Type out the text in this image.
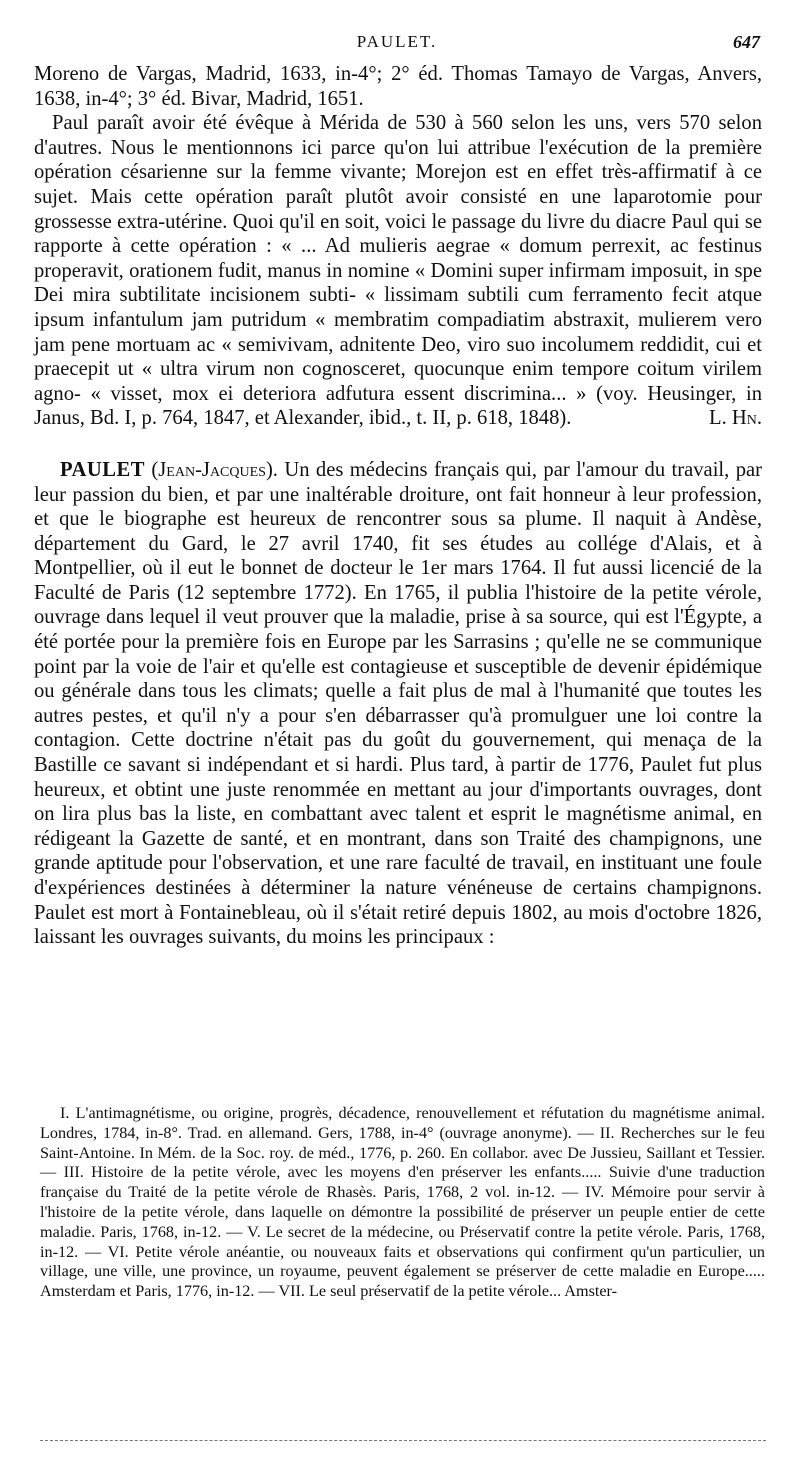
PAULET.	647

Moreno de Vargas, Madrid, 1633, in-4°; 2° éd. Thomas Tamayo de Vargas, Anvers, 1638, in-4°; 3° éd. Bivar, Madrid, 1651.

Paul paraît avoir été évêque à Mérida de 530 à 560 selon les uns, vers 570 selon d'autres. Nous le mentionnons ici parce qu'on lui attribue l'exécution de la première opération césarienne sur la femme vivante; Morejon est en effet très-affirmatif à ce sujet. Mais cette opération paraît plutôt avoir consisté en une laparotomie pour grossesse extra-utérine. Quoi qu'il en soit, voici le passage du livre du diacre Paul qui se rapporte à cette opération : « ... Ad mulieris aegrae « domum perrexit, ac festinus properavit, orationem fudit, manus in nomine « Domini super infirmam imposuit, in spe Dei mira subtilitate incisionem subti- « lissimam subtili cum ferramento fecit atque ipsum infantulum jam putridum « membratim compadiatim abstraxit, mulierem vero jam pene mortuam ac « semivivam, adnitente Deo, viro suo incolumem reddidit, cui et praecepit ut « ultra virum non cognosceret, quocunque enim tempore coitum virilem agno- « visset, mox ei deteriora adfutura essent discrimina... » (voy. Heusinger, in Janus, Bd. I, p. 764, 1847, et Alexander, ibid., t. II, p. 618, 1848).	L. Hn.

PAULET (Jean-Jacques). Un des médecins français qui, par l'amour du travail, par leur passion du bien, et par une inaltérable droiture, ont fait honneur à leur profession, et que le biographe est heureux de rencontrer sous sa plume. Il naquit à Andèse, département du Gard, le 27 avril 1740, fit ses études au collége d'Alais, et à Montpellier, où il eut le bonnet de docteur le 1er mars 1764. Il fut aussi licencié de la Faculté de Paris (12 septembre 1772). En 1765, il publia l'histoire de la petite vérole, ouvrage dans lequel il veut prouver que la maladie, prise à sa source, qui est l'Égypte, a été portée pour la première fois en Europe par les Sarrasins ; qu'elle ne se communique point par la voie de l'air et qu'elle est contagieuse et susceptible de devenir épidémique ou générale dans tous les climats; quelle a fait plus de mal à l'humanité que toutes les autres pestes, et qu'il n'y a pour s'en débarrasser qu'à promulguer une loi contre la contagion. Cette doctrine n'était pas du goût du gouvernement, qui menaça de la Bastille ce savant si indépendant et si hardi. Plus tard, à partir de 1776, Paulet fut plus heureux, et obtint une juste renommée en mettant au jour d'importants ouvrages, dont on lira plus bas la liste, en combattant avec talent et esprit le magnétisme animal, en rédigeant la Gazette de santé, et en montrant, dans son Traité des champignons, une grande aptitude pour l'observation, et une rare faculté de travail, en instituant une foule d'expériences destinées à déterminer la nature vénéneuse de certains champignons. Paulet est mort à Fontainebleau, où il s'était retiré depuis 1802, au mois d'octobre 1826, laissant les ouvrages suivants, du moins les principaux :

I. L'antimagnétisme, ou origine, progrès, décadence, renouvellement et réfutation du magnétisme animal. Londres, 1784, in-8°. Trad. en allemand. Gers, 1788, in-4° (ouvrage anonyme). — II. Recherches sur le feu Saint-Antoine. In Mém. de la Soc. roy. de méd., 1776, p. 260. En collabor. avec De Jussieu, Saillant et Tessier. — III. Histoire de la petite vérole, avec les moyens d'en préserver les enfants..... Suivie d'une traduction française du Traité de la petite vérole de Rhasès. Paris, 1768, 2 vol. in-12. — IV. Mémoire pour servir à l'histoire de la petite vérole, dans laquelle on démontre la possibilité de préserver un peuple entier de cette maladie. Paris, 1768, in-12. — V. Le secret de la médecine, ou Préservatif contre la petite vérole. Paris, 1768, in-12. — VI. Petite vérole anéantie, ou nouveaux faits et observations qui confirment qu'un particulier, un village, une ville, une province, un royaume, peuvent également se préserver de cette maladie en Europe..... Amsterdam et Paris, 1776, in-12. — VII. Le seul préservatif de la petite vérole... Amster-
